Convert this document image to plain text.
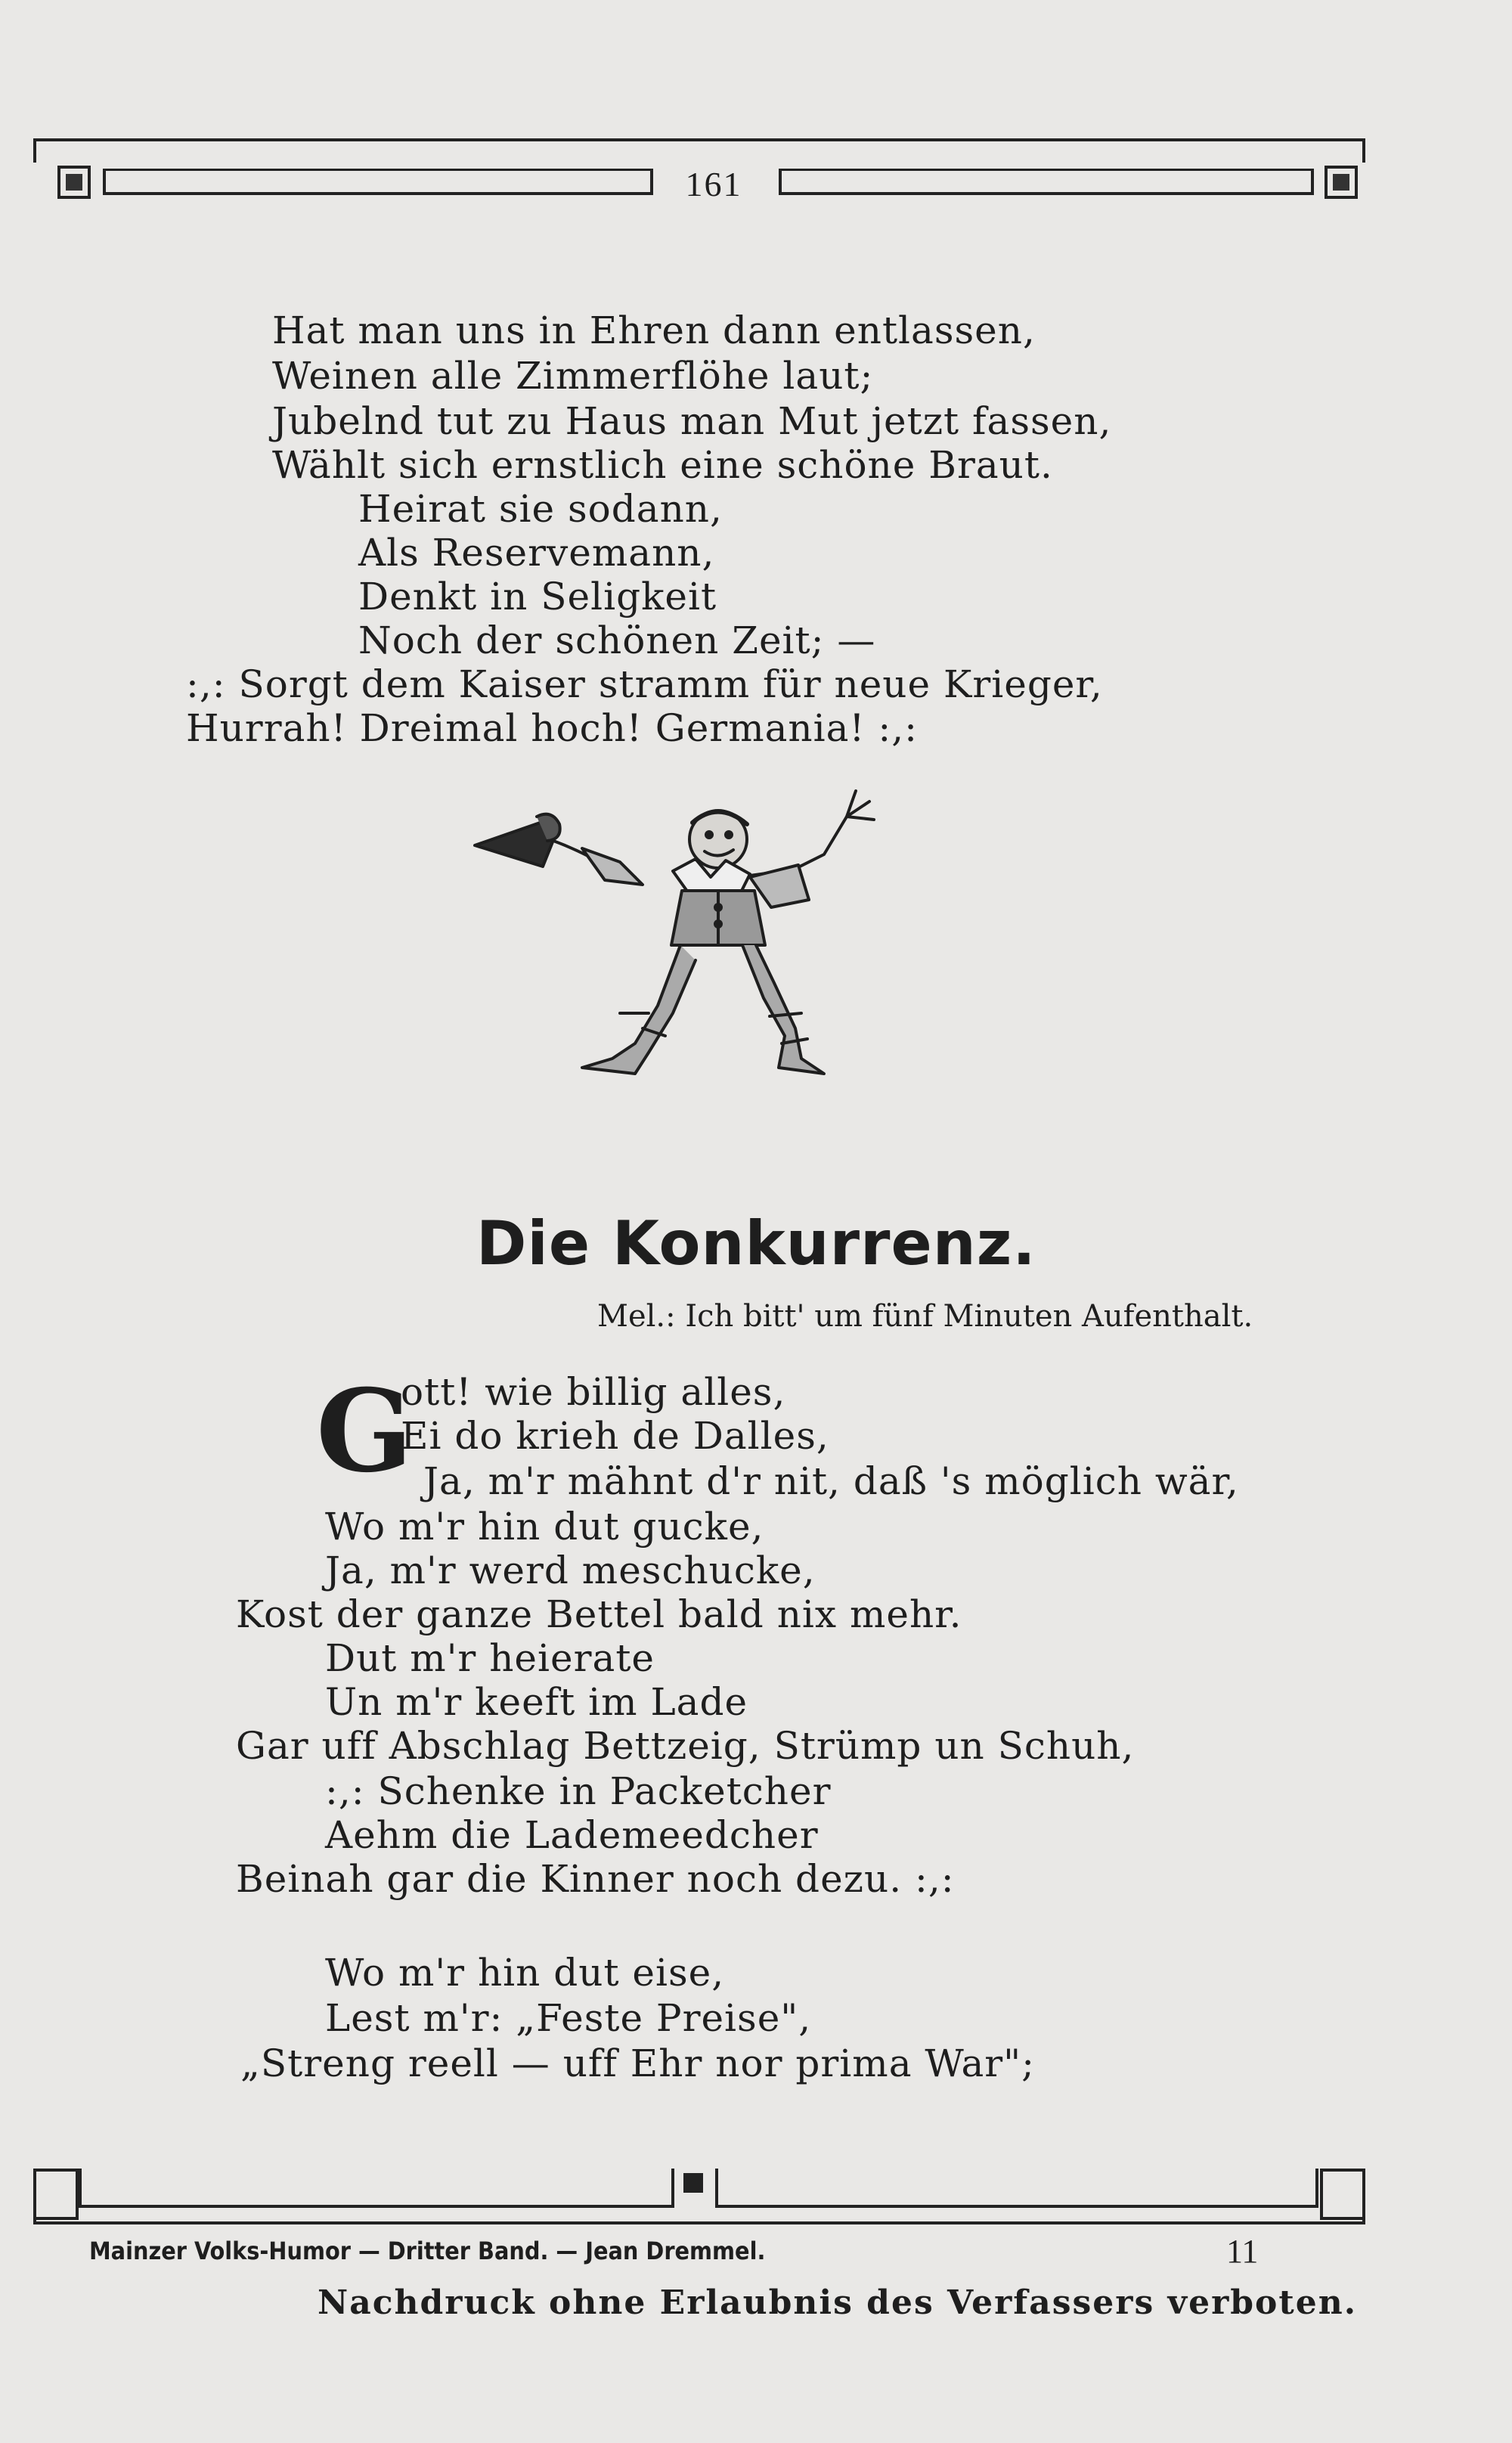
161
Hat man uns in Ehren dann entlassen,
Weinen alle Zimmerflöhe laut;
Jubelnd tut zu Haus man Mut jetzt fassen,
Wählt sich ernstlich eine schöne Braut.
Heirat sie sodann,
Als Reservemann,
Denkt in Seligkeit
Noch der schönen Zeit; —
:,: Sorgt dem Kaiser stramm für neue Krieger,
Hurrah! Dreimal hoch! Germania! :,:
Die Konkurrenz.
Mel.: Ich bitt' um fünf Minuten Aufenthalt.
G
ott! wie billig alles,
Ei do krieh de Dalles,
Ja, m'r mähnt d'r nit, daß 's möglich wär,
Wo m'r hin dut gucke,
Ja, m'r werd meschucke,
Kost der ganze Bettel bald nix mehr.
Dut m'r heierate
Un m'r keeft im Lade
Gar uff Abschlag Bettzeig, Strümp un Schuh,
:,: Schenke in Packetcher
Aehm die Lademeedcher
Beinah gar die Kinner noch dezu. :,:
Wo m'r hin dut eise,
Lest m'r: „Feste Preise",
„Streng reell — uff Ehr nor prima War";
Mainzer Volks-Humor — Dritter Band. — Jean Dremmel.	11
Nachdruck ohne Erlaubnis des Verfassers verboten.
